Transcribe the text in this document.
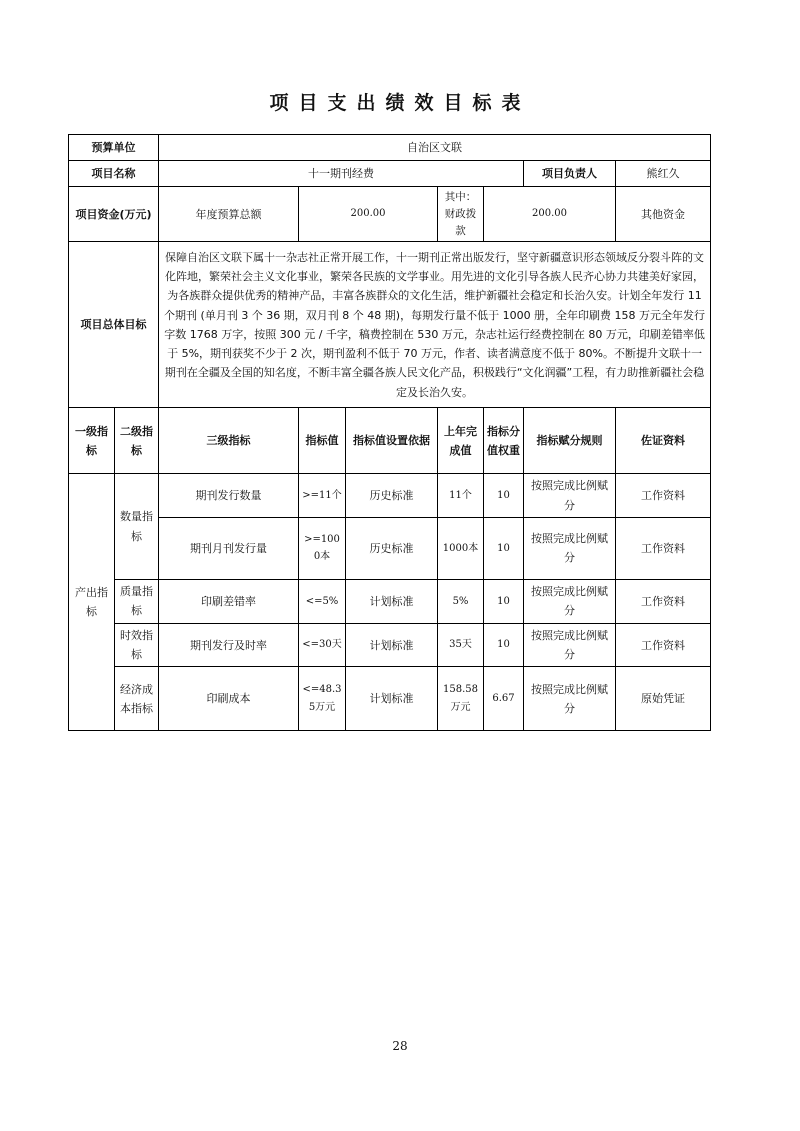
项目支出绩效目标表
预算单位		自治区文联						
项目名称		十一期刊经费					项目负责人	熊红久
项目资金(万元)		年度预算总额	200.00		其中：财政拨款	200.00		其他资金

项目总体目标		保障自治区文联下属十一杂志社正常开展工作，十一期刊正常出版发行，坚守新疆意识形态领域反分裂斗阵的文化阵地，繁荣社会主义文化事业，繁荣各民族的文学事业。用先进的文化引导各族人民齐心协力共建美好家园，为各族群众提供优秀的精神产品，丰富各族群众的文化生活，维护新疆社会稳定和长治久安。计划全年发行 11 个期刊 (单月刊 3 个 36 期，双月刊 8 个 48 期)，每期发行量不低于 1000 册，全年印刷费 158 万元全年发行字数 1768 万字，按照 300 元 / 千字，稿费控制在 530 万元，杂志社运行经费控制在 80 万元，印刷差错率低于 5%，期刊获奖不少于 2 次，期刊盈利不低于 70 万元，作者、读者满意度不低于 80%。不断提升文联十一期刊在全疆及全国的知名度，不断丰富全疆各族人民文化产品，积极践行“文化润疆”工程，有力助推新疆社会稳定及长治久安。						
一级指标	二级指标	三级指标	指标值	指标值设置依据	上年完成值	指标分值权重	指标赋分规则	佐证资料
产出指标	数量指标	期刊发行数量	>=11个	历史标准	11个	10	按照完成比例赋分	工作资料
		期刊月刊发行量	>=1000本	历史标准	1000本	10	按照完成比例赋分	工作资料
	质量指标	印刷差错率	<=5%	计划标准	5%	10	按照完成比例赋分	工作资料
	时效指标	期刊发行及时率	<=30天	计划标准	35天	10	按照完成比例赋分	工作资料
	经济成本指标	印刷成本	<=48.35万元	计划标准	158.58万元	6.67	按照完成比例赋分	原始凭证
28
